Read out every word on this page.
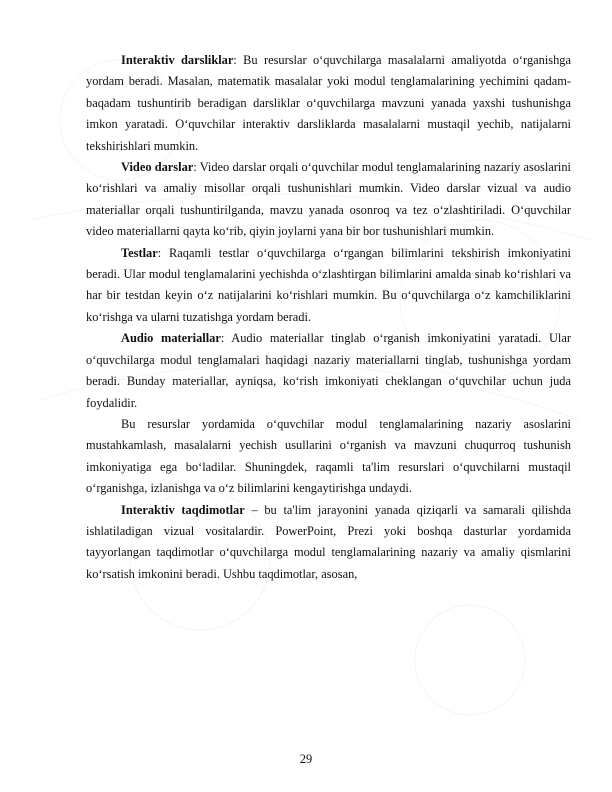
Interaktiv darsliklar: Bu resurslar o‘quvchilarga masalalarni amaliyotda o‘rganishga yordam beradi. Masalan, matematik masalalar yoki modul tenglamalarining yechimini qadam-baqadam tushuntirib beradigan darsliklar o‘quvchilarga mavzuni yanada yaxshi tushunishga imkon yaratadi. O‘quvchilar interaktiv darsliklarda masalalarni mustaqil yechib, natijalarni tekshirishlari mumkin.

Video darslar: Video darslar orqali o‘quvchilar modul tenglamalarining nazariy asoslarini ko‘rishlari va amaliy misollar orqali tushunishlari mumkin. Video darslar vizual va audio materiallar orqali tushuntirilganda, mavzu yanada osonroq va tez o‘zlashtiriladi. O‘quvchilar video materiallarni qayta ko‘rib, qiyin joylarni yana bir bor tushunishlari mumkin.

Testlar: Raqamli testlar o‘quvchilarga o‘rgangan bilimlarini tekshirish imkoniyatini beradi. Ular modul tenglamalarini yechishda o‘zlashtirgan bilimlarini amalda sinab ko‘rishlari va har bir testdan keyin o‘z natijalarini ko‘rishlari mumkin. Bu o‘quvchilarga o‘z kamchiliklarini ko‘rishga va ularni tuzatishga yordam beradi.

Audio materiallar: Audio materiallar tinglab o‘rganish imkoniyatini yaratadi. Ular o‘quvchilarga modul tenglamalari haqidagi nazariy materiallarni tinglab, tushunishga yordam beradi. Bunday materiallar, ayniqsa, ko‘rish imkoniyati cheklangan o‘quvchilar uchun juda foydalidir.

Bu resurslar yordamida o‘quvchilar modul tenglamalarining nazariy asoslarini mustahkamlash, masalalarni yechish usullarini o‘rganish va mavzuni chuqurroq tushunish imkoniyatiga ega bo‘ladilar. Shuningdek, raqamli ta'lim resurslari o‘quvchilarni mustaqil o‘rganishga, izlanishga va o‘z bilimlarini kengaytirishga undaydi.

Interaktiv taqdimotlar – bu ta'lim jarayonini yanada qiziqarli va samarali qilishda ishlatiladigan vizual vositalardir. PowerPoint, Prezi yoki boshqa dasturlar yordamida tayyorlangan taqdimotlar o‘quvchilarga modul tenglamalarining nazariy va amaliy qismlarini ko‘rsatish imkonini beradi. Ushbu taqdimotlar, asosan,

29
